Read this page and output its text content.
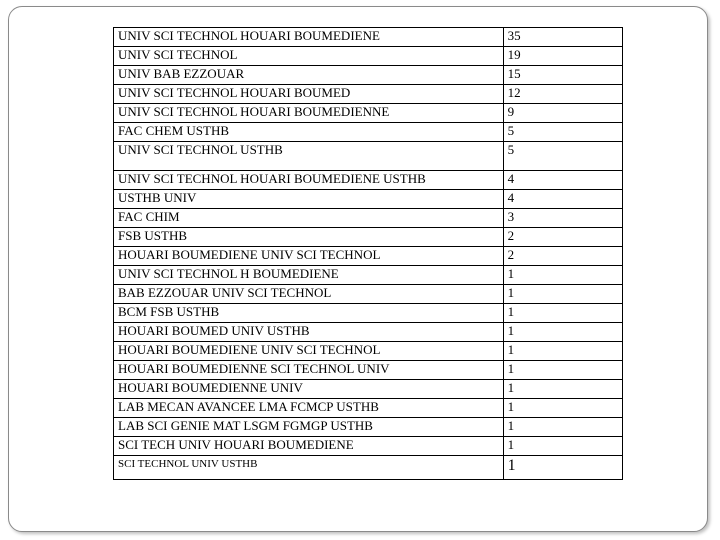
UNIV SCI TECHNOL HOUARI BOUMEDIENE	35
UNIV SCI TECHNOL	19
UNIV BAB EZZOUAR	15
UNIV SCI TECHNOL HOUARI BOUMED	12
UNIV SCI TECHNOL HOUARI BOUMEDIENNE	9
FAC CHEM USTHB	5
UNIV SCI TECHNOL USTHB	5
UNIV SCI TECHNOL HOUARI BOUMEDIENE USTHB	4
USTHB UNIV	4
FAC CHIM	3
FSB USTHB	2
HOUARI BOUMEDIENE UNIV SCI TECHNOL	2
UNIV SCI TECHNOL H BOUMEDIENE	1
BAB EZZOUAR UNIV SCI TECHNOL	1
BCM FSB USTHB	1
HOUARI BOUMED UNIV USTHB	1
HOUARI BOUMEDIENE UNIV SCI TECHNOL	1
HOUARI BOUMEDIENNE SCI TECHNOL UNIV	1
HOUARI BOUMEDIENNE UNIV	1
LAB MECAN AVANCEE LMA FCMCP USTHB	1
LAB SCI GENIE MAT LSGM FGMGP USTHB	1
SCI TECH UNIV HOUARI BOUMEDIENE	1
SCI TECHNOL UNIV USTHB	1
